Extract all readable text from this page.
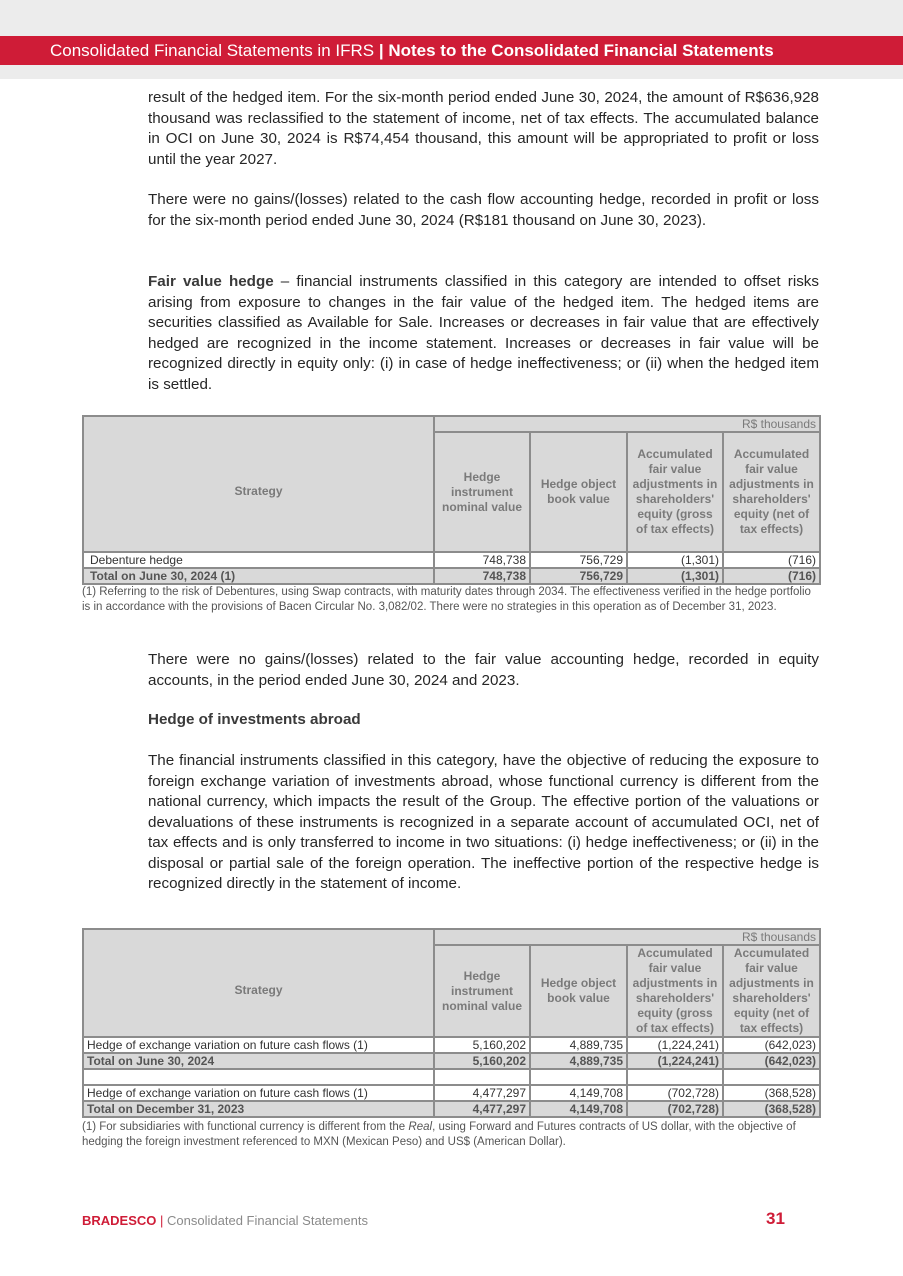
Consolidated Financial Statements in IFRS | Notes to the Consolidated Financial Statements

result of the hedged item. For the six-month period ended June 30, 2024, the amount of R$636,928 thousand was reclassified to the statement of income, net of tax effects. The accumulated balance in OCI on June 30, 2024 is R$74,454 thousand, this amount will be appropriated to profit or loss until the year 2027.

There were no gains/(losses) related to the cash flow accounting hedge, recorded in profit or loss for the six-month period ended June 30, 2024 (R$181 thousand on June 30, 2023).

Fair value hedge – financial instruments classified in this category are intended to offset risks arising from exposure to changes in the fair value of the hedged item. The hedged items are securities classified as Available for Sale. Increases or decreases in fair value that are effectively hedged are recognized in the income statement. Increases or decreases in fair value will be recognized directly in equity only: (i) in case of hedge ineffectiveness; or (ii) when the hedged item is settled.

	R$ thousands			

Strategy	Hedge instrument nominal value	Hedge object book value	Accumulated fair value adjustments in shareholders' equity (gross of tax effects)	Accumulated fair value adjustments in shareholders' equity (net of tax effects)
Debenture hedge	748,738	756,729	(1,301)	(716)
Total on June 30, 2024 (1)	748,738	756,729	(1,301)	(716)

(1) Referring to the risk of Debentures, using Swap contracts, with maturity dates through 2034. The effectiveness verified in the hedge portfolio is in accordance with the provisions of Bacen Circular No. 3,082/02. There were no strategies in this operation as of December 31, 2023.

There were no gains/(losses) related to the fair value accounting hedge, recorded in equity accounts, in the period ended June 30, 2024 and 2023.

Hedge of investments abroad

The financial instruments classified in this category, have the objective of reducing the exposure to foreign exchange variation of investments abroad, whose functional currency is different from the national currency, which impacts the result of the Group. The effective portion of the valuations or devaluations of these instruments is recognized in a separate account of accumulated OCI, net of tax effects and is only transferred to income in two situations: (i) hedge ineffectiveness; or (ii) in the disposal or partial sale of the foreign operation. The ineffective portion of the respective hedge is recognized directly in the statement of income.

	R$ thousands			
Strategy	Hedge instrument nominal value	Hedge object book value	Accumulated fair value adjustments in shareholders' equity (gross of tax effects)	Accumulated fair value adjustments in shareholders' equity (net of tax effects)
Hedge of exchange variation on future cash flows (1)	5,160,202	4,889,735	(1,224,241)	(642,023)
Total on June 30, 2024	5,160,202	4,889,735	(1,224,241)	(642,023)

Hedge of exchange variation on future cash flows (1)	4,477,297	4,149,708	(702,728)	(368,528)
Total on December 31, 2023	4,477,297	4,149,708	(702,728)	(368,528)

(1) For subsidiaries with functional currency is different from the Real, using Forward and Futures contracts of US dollar, with the objective of hedging the foreign investment referenced to MXN (Mexican Peso) and US$ (American Dollar).

BRADESCO | Consolidated Financial Statements	31
